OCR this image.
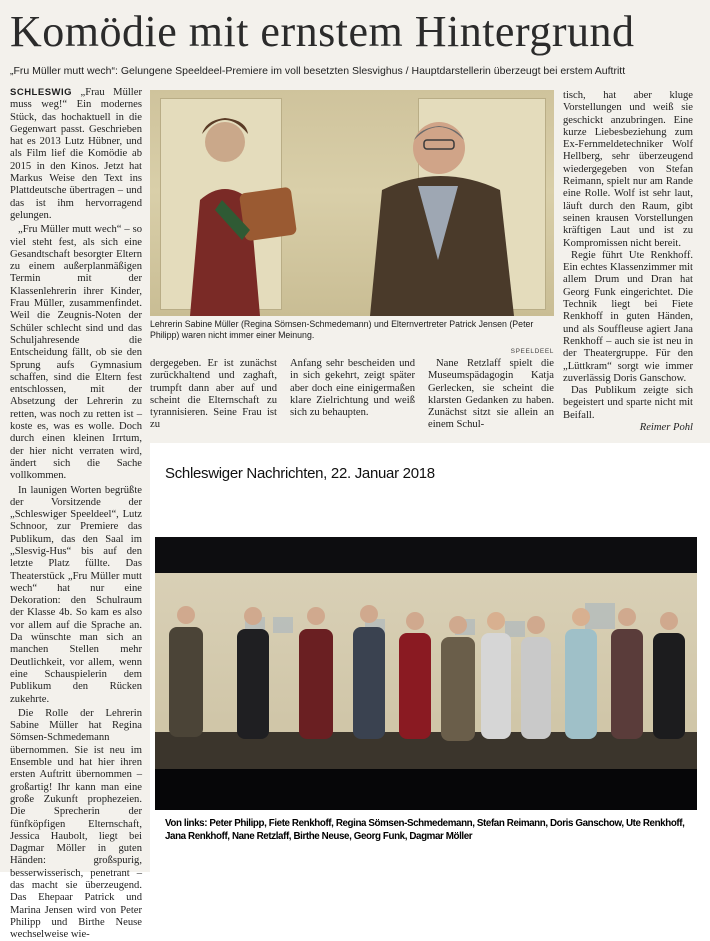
Komödie mit ernstem Hintergrund
„Fru Müller mutt wech“: Gelungene Speeldeel-Premiere im voll besetzten Slesvighus / Hauptdarstellerin überzeugt bei erstem Auftritt

SCHLESWIG „Frau Müller muss weg!“ Ein modernes Stück, das hochaktuell in die Gegenwart passt. Geschrieben hat es 2013 Lutz Hübner, und als Film lief die Komödie ab 2015 in den Kinos. Jetzt hat Markus Weise den Text ins Plattdeutsche übertragen – und das ist ihm hervorragend gelungen.

„Fru Müller mutt wech“ – so viel steht fest, als sich eine Gesandtschaft besorgter Eltern zu einem außerplanmäßigen Termin mit der Klassenlehrerin ihrer Kinder, Frau Müller, zusammenfindet. Weil die Zeugnis-Noten der Schüler schlecht sind und das Schuljahresende die Entscheidung fällt, ob sie den Sprung aufs Gymnasium schaffen, sind die Eltern fest entschlossen, mit der Absetzung der Lehrerin zu retten, was noch zu retten ist – koste es, was es wolle. Doch durch einen kleinen Irrtum, der hier nicht verraten wird, ändert sich die Sache vollkommen.

In launigen Worten begrüßte der Vorsitzende der „Schleswiger Speeldeel“, Lutz Schnoor, zur Premiere das Publikum, das den Saal im „Slesvig-Hus“ bis auf den letzte Platz füllte. Das Theaterstück „Fru Müller mutt wech“ hat nur eine Dekoration: den Schulraum der Klasse 4b. So kam es also vor allem auf die Sprache an. Da wünschte man sich an manchen Stellen mehr Deutlichkeit, vor allem, wenn eine Schauspielerin dem Publikum den Rücken zukehrte.

Die Rolle der Lehrerin Sabine Müller hat Regina Sömsen-Schmedemann übernommen. Sie ist neu im Ensemble und hat hier ihren ersten Auftritt übernommen – großartig! Ihr kann man eine große Zukunft prophezeien. Die Sprecherin der fünfköpfigen Elternschaft, Jessica Haubolt, liegt bei Dagmar Möller in guten Händen: großspurig, besserwisserisch, penetrant – das macht sie überzeugend. Das Ehepaar Patrick und Marina Jensen wird von Peter Philipp und Birthe Neuse wechselweise wie-

Lehrerin Sabine Müller (Regina Sömsen-Schmedemann) und Elternvertreter Patrick Jensen (Peter Philipp) waren nicht immer einer Meinung.
SPEELDEEL

dergegeben. Er ist zunächst zurückhaltend und zaghaft, trumpft dann aber auf und scheint die Elternschaft zu tyrannisieren. Seine Frau ist zu

Anfang sehr bescheiden und in sich gekehrt, zeigt später aber doch eine einigermaßen klare Zielrichtung und weiß sich zu behaupten.

Nane Retzlaff spielt die Museumspädagogin Katja Gerlecken, sie scheint die klarsten Gedanken zu haben. Zunächst sitzt sie allein an einem Schul-

tisch, hat aber kluge Vorstellungen und weiß sie geschickt anzubringen. Eine kurze Liebesbeziehung zum Ex-Fernmeldetechniker Wolf Hellberg, sehr überzeugend wiedergegeben von Stefan Reimann, spielt nur am Rande eine Rolle. Wolf ist sehr laut, läuft durch den Raum, gibt seinen krausen Vorstellungen kräftigen Laut und ist zu Kompromissen nicht bereit.

Regie führt Ute Renkhoff. Ein echtes Klassenzimmer mit allem Drum und Dran hat Georg Funk eingerichtet. Die Technik liegt bei Fiete Renkhoff in guten Händen, und als Souffleuse agiert Jana Renkhoff – auch sie ist neu in der Theatergruppe. Für den „Lüttkram“ sorgt wie immer zuverlässig Doris Ganschow.

Das Publikum zeigte sich begeistert und sparte nicht mit Beifall.

Reimer Pohl

Schleswiger Nachrichten, 22. Januar 2018
Von links: Peter Philipp, Fiete Renkhoff, Regina Sömsen-Schmedemann, Stefan Reimann, Doris Ganschow, Ute Renkhoff, Jana Renkhoff, Nane Retzlaff, Birthe Neuse, Georg Funk, Dagmar Möller
